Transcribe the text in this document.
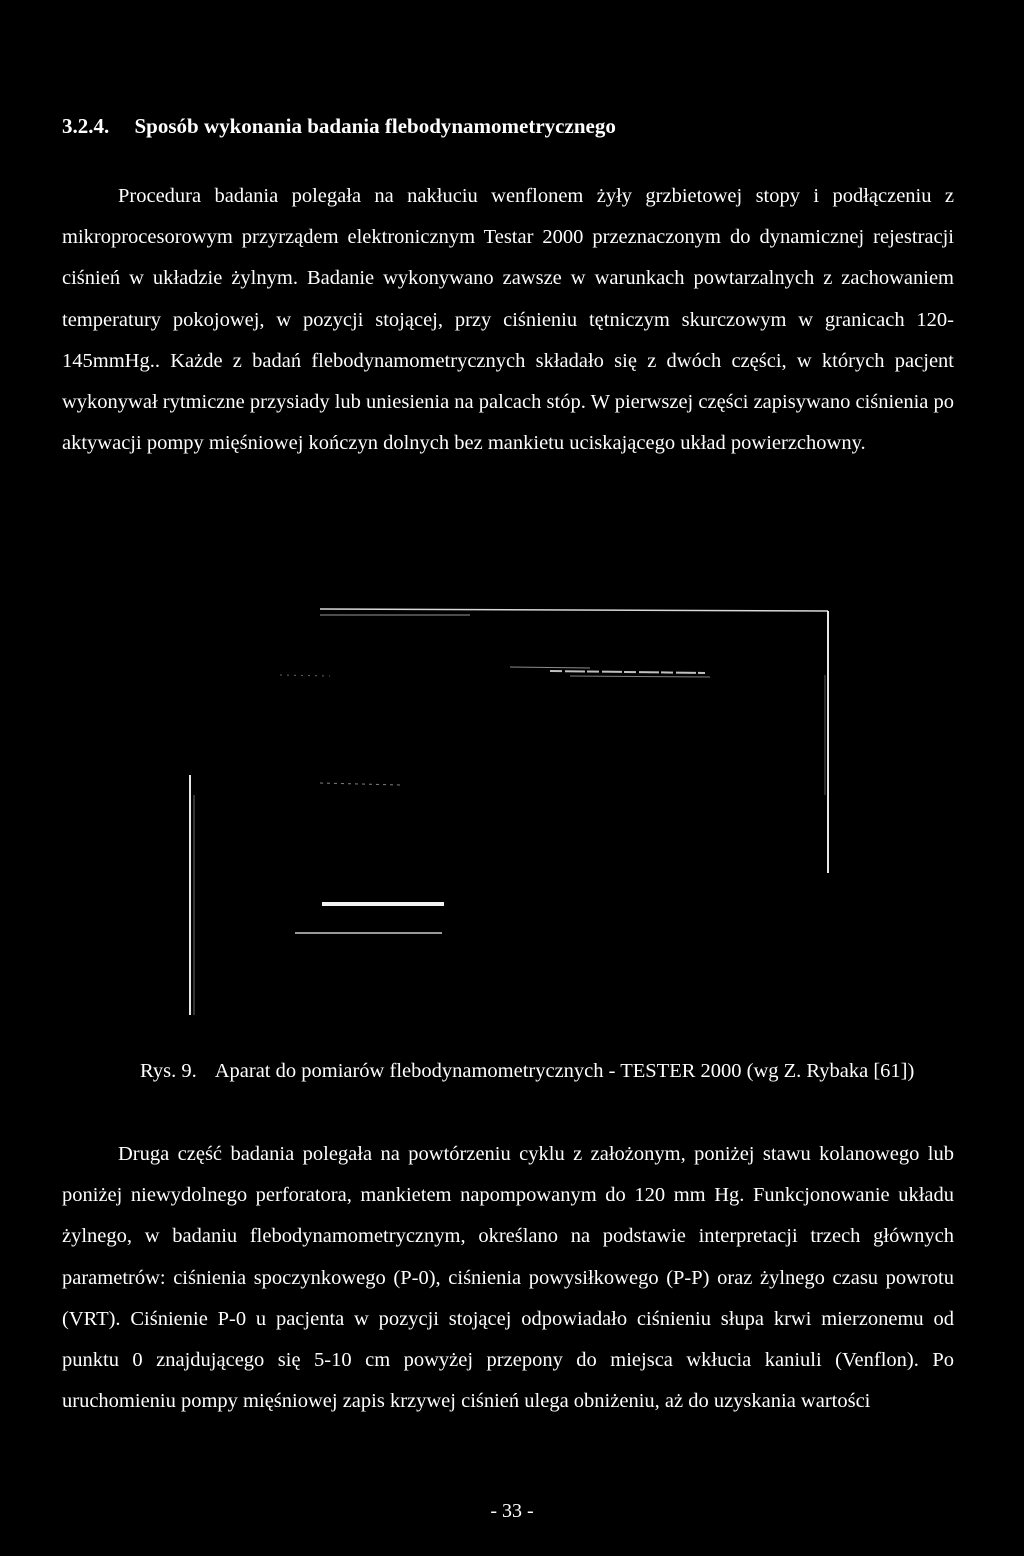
3.2.4. Sposób wykonania badania flebodynamometrycznego

Procedura badania polegała na nakłuciu wenflonem żyły grzbietowej stopy i podłączeniu z mikroprocesorowym przyrządem elektronicznym Testar 2000 przeznaczonym do dynamicznej rejestracji ciśnień w układzie żylnym. Badanie wykonywano zawsze w warunkach powtarzalnych z zachowaniem temperatury pokojowej, w pozycji stojącej, przy ciśnieniu tętniczym skurczowym w granicach 120-145mmHg.. Każde z badań flebodynamometrycznych składało się z dwóch części, w których pacjent wykonywał rytmiczne przysiady lub uniesienia na palcach stóp. W pierwszej części zapisywano ciśnienia po aktywacji pompy mięśniowej kończyn dolnych bez mankietu uciskającego układ powierzchowny.

Rys. 9. Aparat do pomiarów flebodynamometrycznych - TESTER 2000 (wg Z. Rybaka [61])

Druga część badania polegała na powtórzeniu cyklu z założonym, poniżej stawu kolanowego lub poniżej niewydolnego perforatora, mankietem napompowanym do 120 mm Hg. Funkcjonowanie układu żylnego, w badaniu flebodynamometrycznym, określano na podstawie interpretacji trzech głównych parametrów: ciśnienia spoczynkowego (P-0), ciśnienia powysiłkowego (P-P) oraz żylnego czasu powrotu (VRT). Ciśnienie P-0 u pacjenta w pozycji stojącej odpowiadało ciśnieniu słupa krwi mierzonemu od punktu 0 znajdującego się 5-10 cm powyżej przepony do miejsca wkłucia kaniuli (Venflon). Po uruchomieniu pompy mięśniowej zapis krzywej ciśnień ulega obniżeniu, aż do uzyskania wartości

- 33 -
